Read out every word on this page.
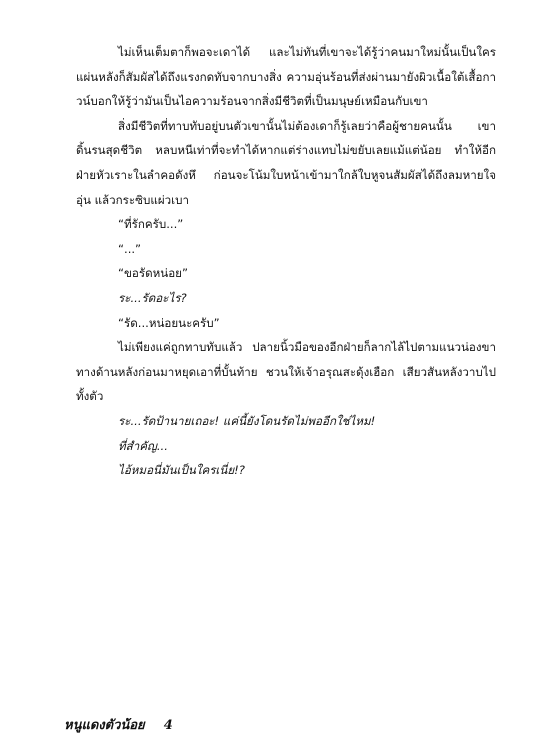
ไม่เห็นเต็มตาก็พอจะเดาได้ และไม่ทันที่เขาจะได้รู้ว่าคนมาใหม่นั้นเป็นใคร แผ่นหลังก็สัมผัสได้ถึงแรงกดทับจากบางสิ่ง ความอุ่นร้อนที่ส่งผ่านมายังผิวเนื้อใต้เสื้อกาวน์บอกให้รู้ว่ามันเป็นไอความร้อนจากสิ่งมีชีวิตที่เป็นมนุษย์เหมือนกับเขา

สิ่งมีชีวิตที่ทาบทับอยู่บนตัวเขานั้นไม่ต้องเดาก็รู้เลยว่าคือผู้ชายคนนั้น เขาดิ้นรนสุดชีวิต หลบหนีเท่าที่จะทำได้หากแต่ร่างแทบไม่ขยับเลยแม้แต่น้อย ทำให้อีกฝ่ายหัวเราะในลำคอดังหึ ก่อนจะโน้มใบหน้าเข้ามาใกล้ใบหูจนสัมผัสได้ถึงลมหายใจอุ่น แล้วกระซิบแผ่วเบา

“ที่รักครับ...”

“...”

“ขอรัดหน่อย”

ระ...รัดอะไร?

“รัด...หน่อยนะครับ”

ไม่เพียงแค่ถูกทาบทับแล้ว ปลายนิ้วมือของอีกฝ่ายก็ลากไล้ไปตามแนวน่องขาทางด้านหลังก่อนมาหยุดเอาที่บั้นท้าย ชวนให้เจ้าอรุณสะดุ้งเฮือก เสียวสันหลังวาบไปทั้งตัว

ระ...รัดป้านายเถอะ! แค่นี้ยังโดนรัดไม่พออีกใช่ไหม!

ที่สำคัญ...

ไอ้หมอนี่มันเป็นใครเนี่ย!?

หนูแดงตัวน้อย 4
